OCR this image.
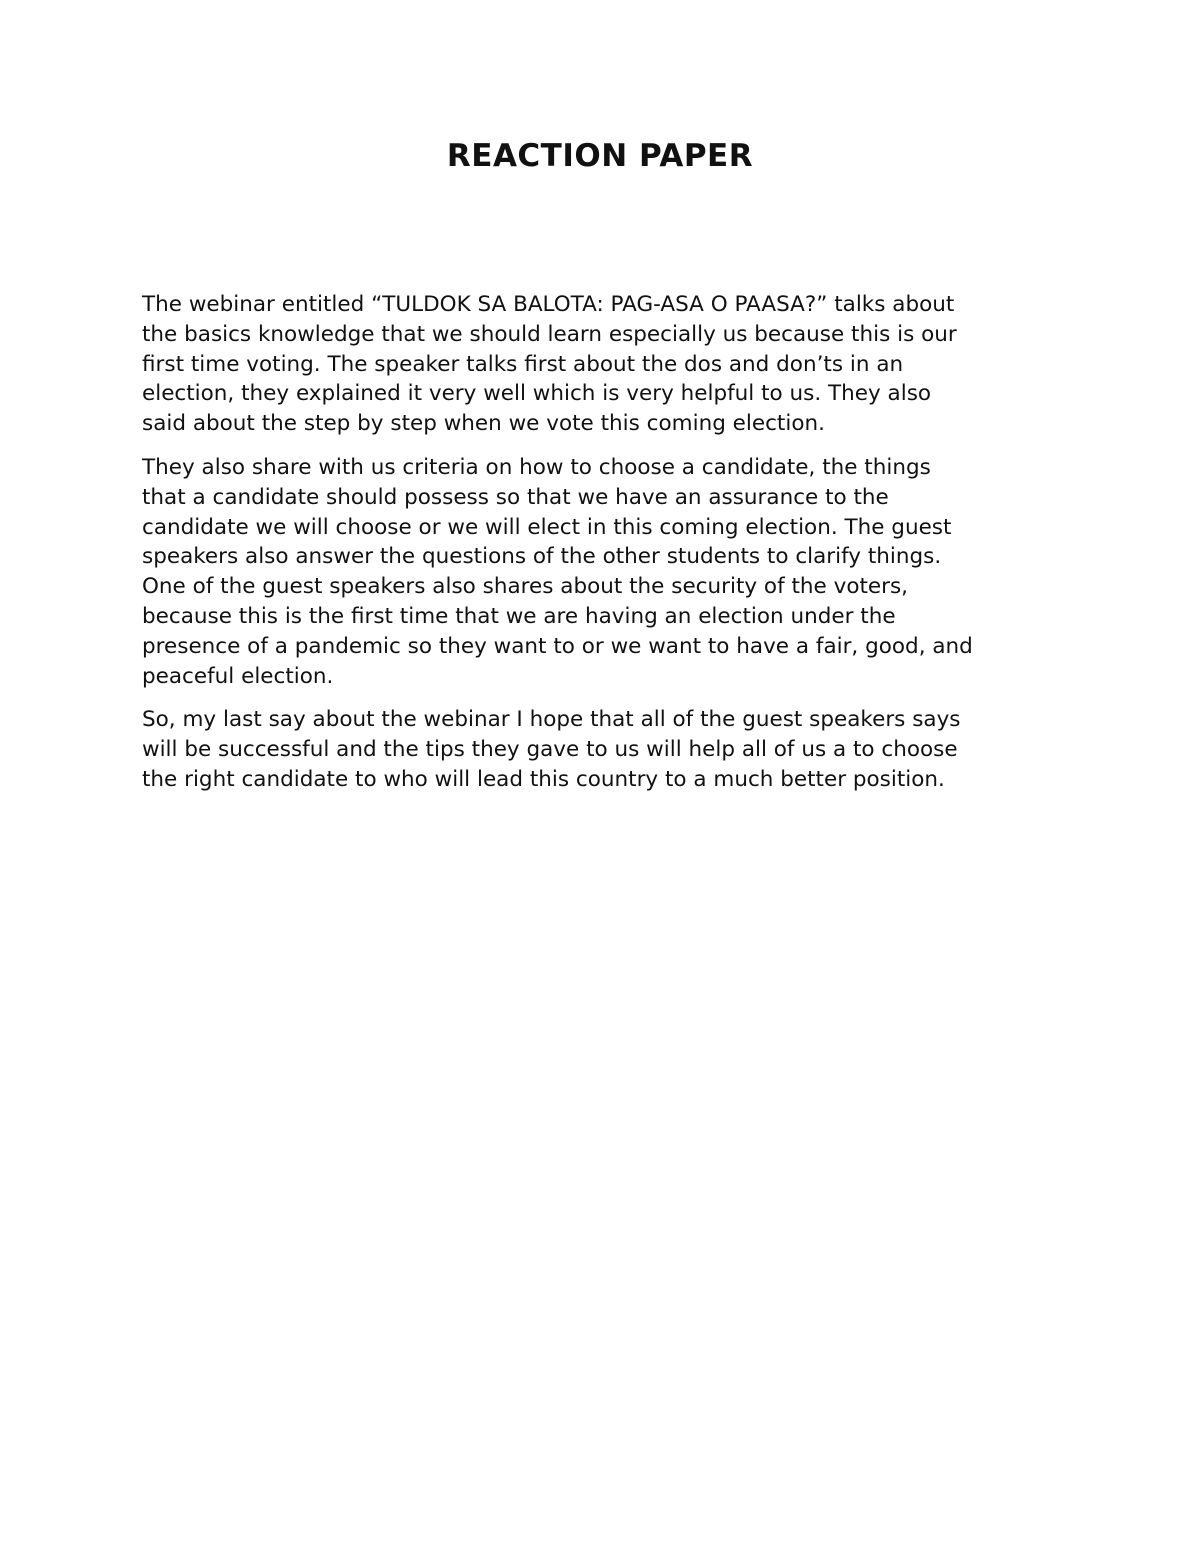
REACTION PAPER

The webinar entitled “TULDOK SA BALOTA: PAG-ASA O PAASA?” talks about
the basics knowledge that we should learn especially us because this is our
first time voting. The speaker talks first about the dos and don’ts in an
election, they explained it very well which is very helpful to us. They also
said about the step by step when we vote this coming election.

They also share with us criteria on how to choose a candidate, the things
that a candidate should possess so that we have an assurance to the
candidate we will choose or we will elect in this coming election. The guest
speakers also answer the questions of the other students to clarify things.
One of the guest speakers also shares about the security of the voters,
because this is the first time that we are having an election under the
presence of a pandemic so they want to or we want to have a fair, good, and
peaceful election.

So, my last say about the webinar I hope that all of the guest speakers says
will be successful and the tips they gave to us will help all of us a to choose
the right candidate to who will lead this country to a much better position.
